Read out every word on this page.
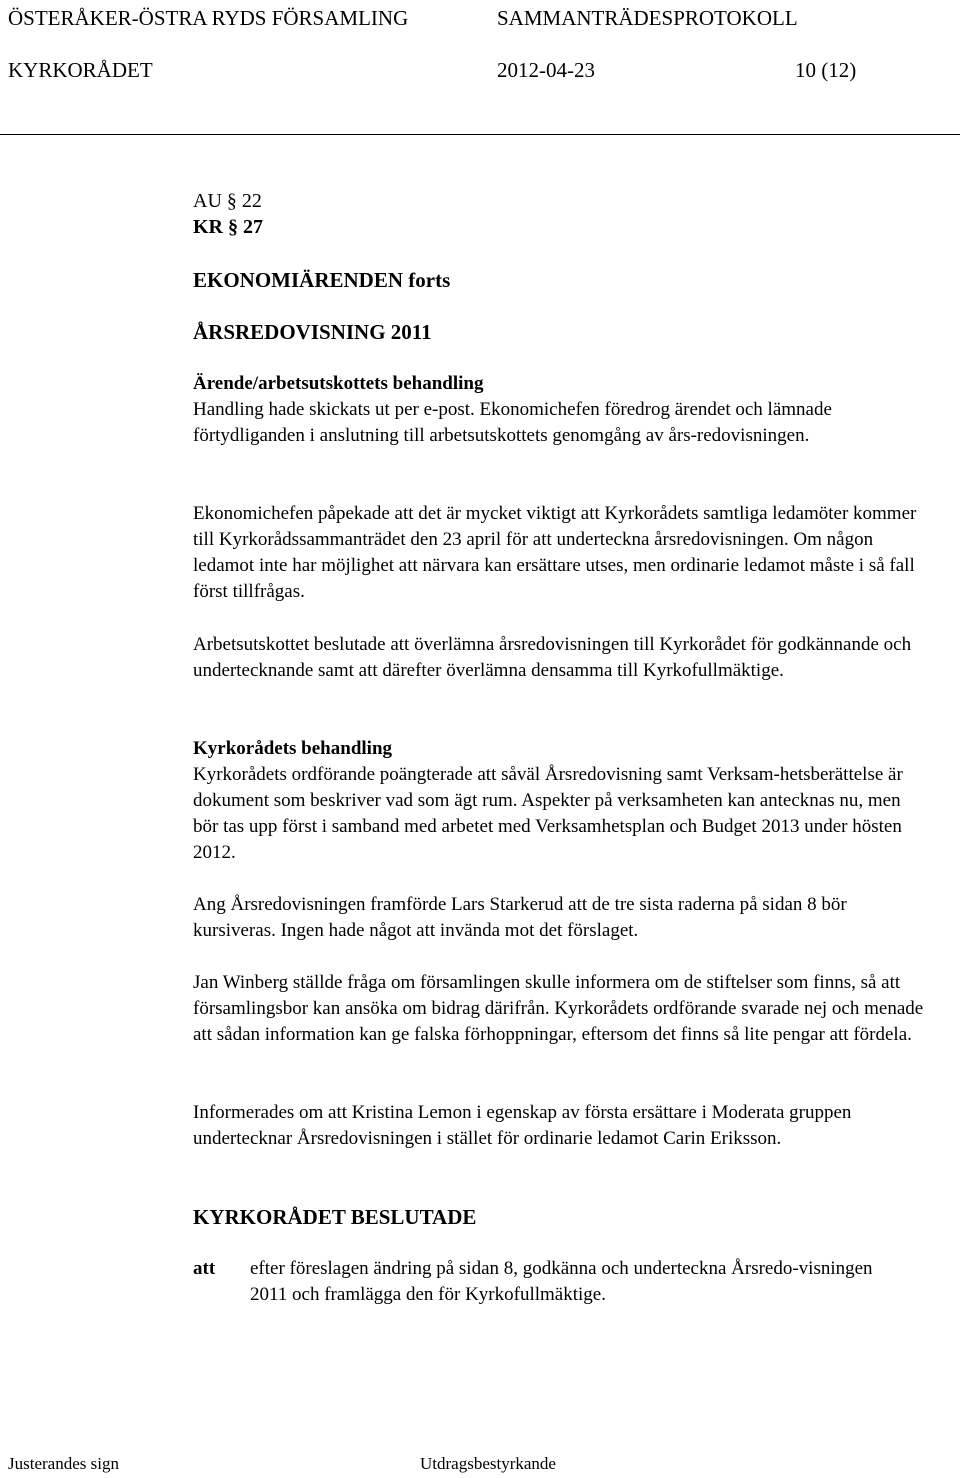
ÖSTERÅKER-ÖSTRA RYDS FÖRSAMLING	SAMMANTRÄDESPROTOKOLL
KYRKORÅDET	2012-04-23	10 (12)
AU § 22
KR § 27
EKONOMIÄRENDEN forts
ÅRSREDOVISNING 2011

Ärende/arbetsutskottets behandling

Handling hade skickats ut per e-post. Ekonomichefen föredrog ärendet och lämnade förtydliganden i anslutning till arbetsutskottets genomgång av års-redovisningen.

Ekonomichefen påpekade att det är mycket viktigt att Kyrkorådets samtliga ledamöter kommer till Kyrkorådssammanträdet den 23 april för att underteckna årsredovisningen. Om någon ledamot inte har möjlighet att närvara kan ersättare utses, men ordinarie ledamot måste i så fall först tillfrågas.
Arbetsutskottet beslutade att överlämna årsredovisningen till Kyrkorådet för godkännande och undertecknande samt att därefter överlämna densamma till Kyrkofullmäktige.

Kyrkorådets behandling

Kyrkorådets ordförande poängterade att såväl Årsredovisning samt Verksam-hetsberättelse är dokument som beskriver vad som ägt rum. Aspekter på verksamheten kan antecknas nu, men bör tas upp först i samband med arbetet med Verksamhetsplan och Budget 2013 under hösten 2012.

Ang Årsredovisningen framförde Lars Starkerud att de tre sista raderna på sidan 8 bör kursiveras. Ingen hade något att invända mot det förslaget.
Jan Winberg ställde fråga om församlingen skulle informera om de stiftelser som finns, så att församlingsbor kan ansöka om bidrag därifrån. Kyrkorådets ordförande svarade nej och menade att sådan information kan ge falska förhoppningar, eftersom det finns så lite pengar att fördela.
Informerades om att Kristina Lemon i egenskap av första ersättare i Moderata gruppen undertecknar Årsredovisningen i stället för ordinarie ledamot Carin Eriksson.
KYRKORÅDET BESLUTADE
att	efter föreslagen ändring på sidan 8, godkänna och underteckna Årsredo-visningen 2011 och framlägga den för Kyrkofullmäktige.
Justerandes sign	Utdragsbestyrkande
